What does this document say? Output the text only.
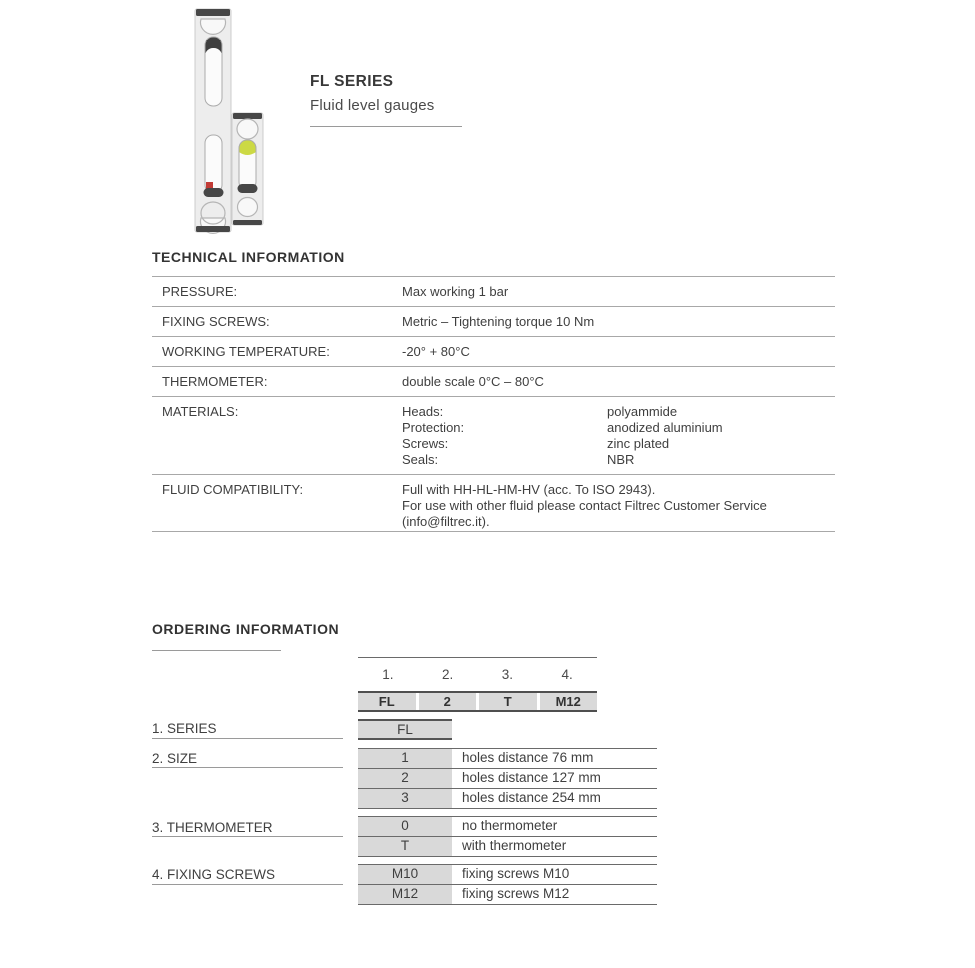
FL SERIES
Fluid level gauges
TECHNICAL INFORMATION
PRESSURE:	Max working 1 bar
FIXING SCREWS:	Metric – Tightening torque 10 Nm
WORKING TEMPERATURE:	-20° + 80°C
THERMOMETER:	double scale 0°C – 80°C
MATERIALS:	Heads:	polyammide
Protection:	anodized aluminium
Screws:	zinc plated
Seals:	NBR
FLUID COMPATIBILITY:	Full with HH-HL-HM-HV (acc. To ISO 2943).
For use with other fluid please contact Filtrec Customer Service
(info@filtrec.it).
ORDERING INFORMATION
1.	2.	3.	4.
FL	2	T	M12
1. SERIES	FL
2. SIZE	1	holes distance 76 mm
2	holes distance 127 mm
3	holes distance 254 mm
3. THERMOMETER	0	no thermometer
T	with thermometer
4. FIXING SCREWS	M10	fixing screws M10
M12	fixing screws M12
